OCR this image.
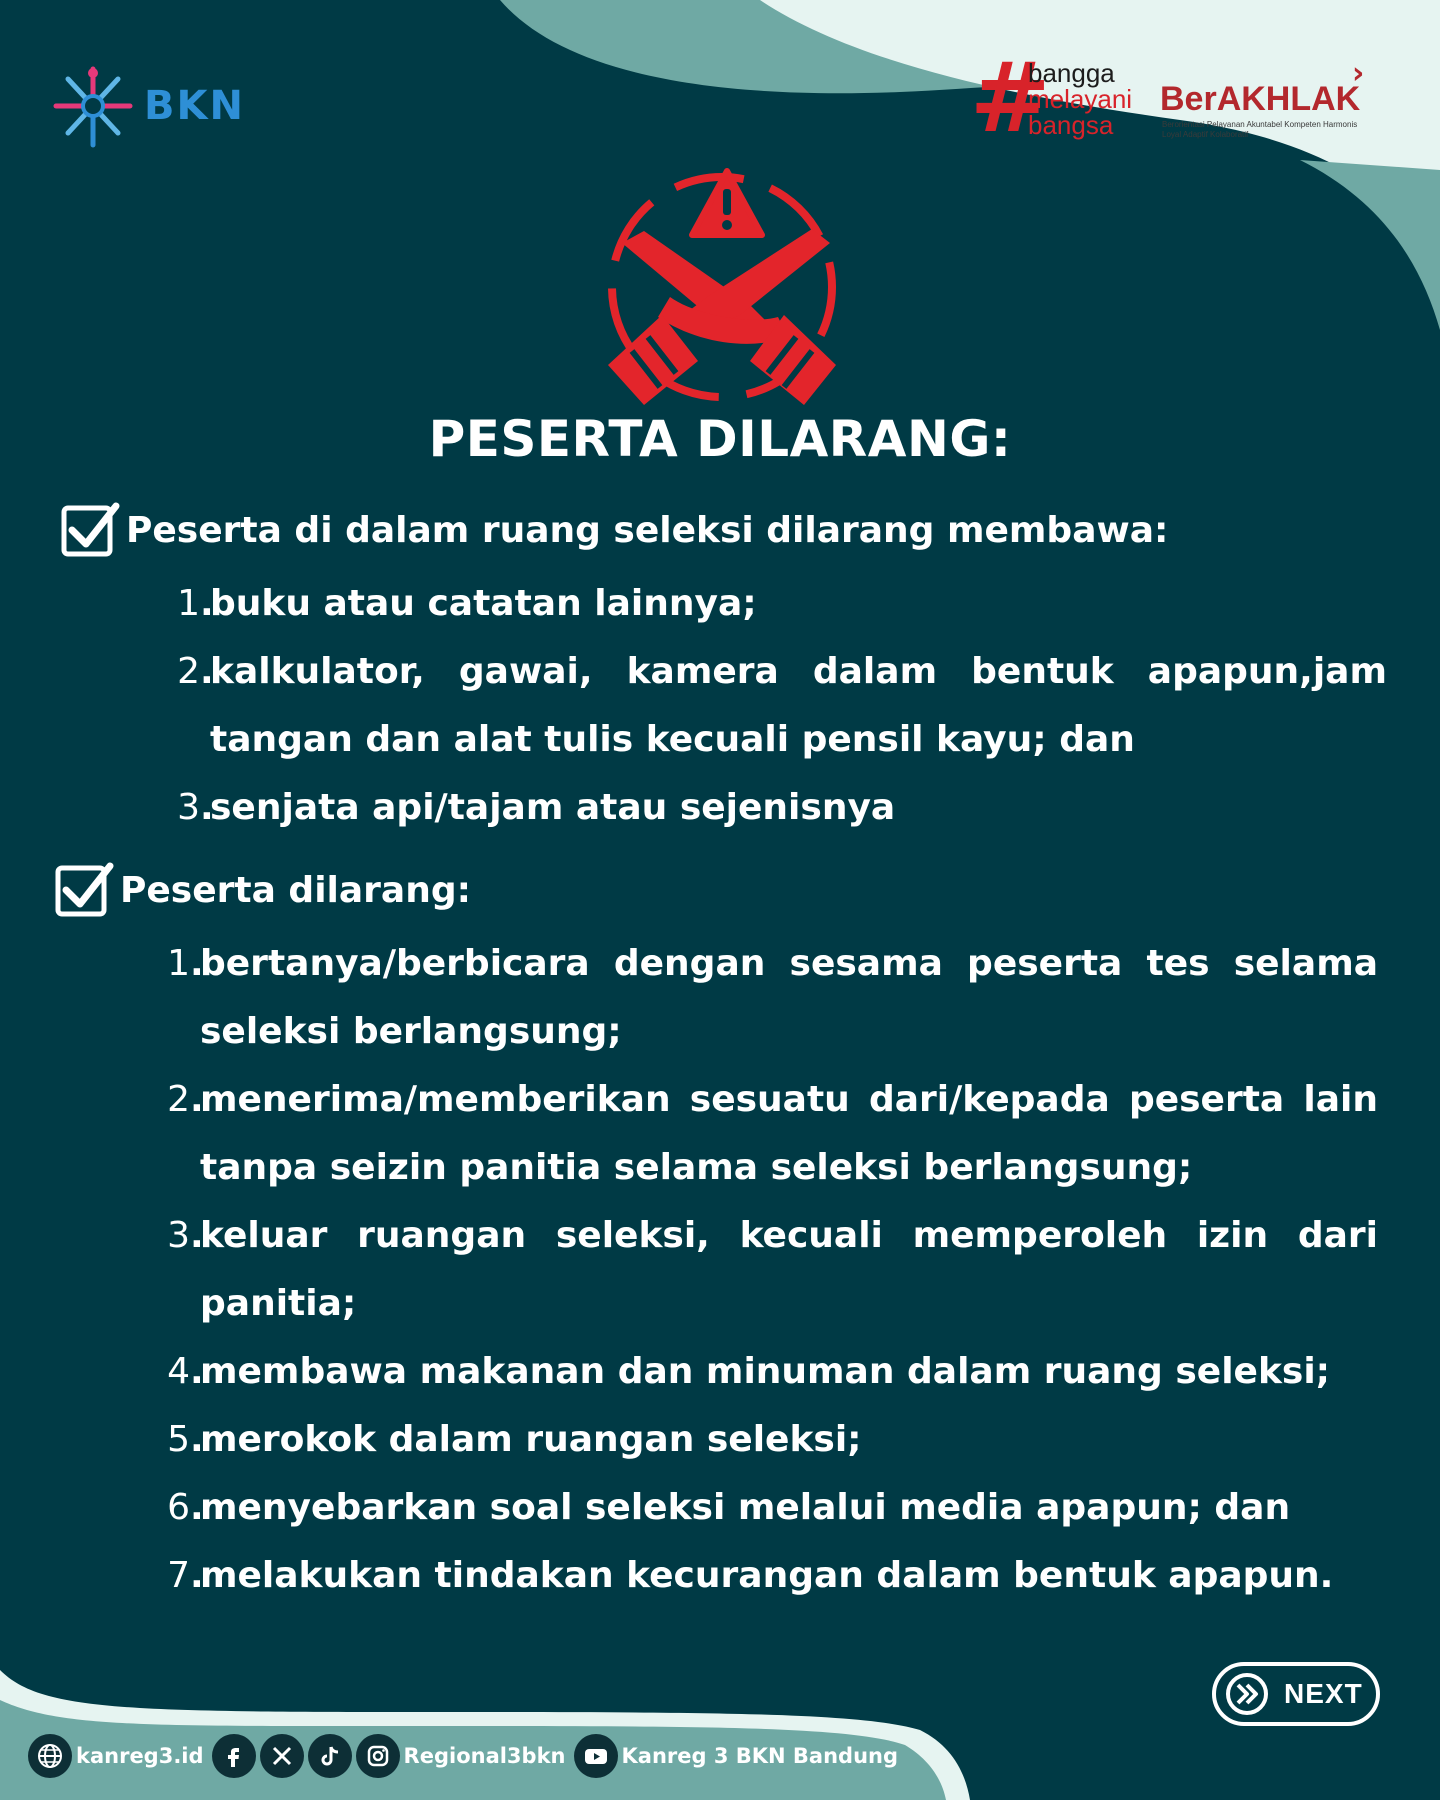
BKN	#
bangga
melayani
bangsa
BerAKHLAK
›
Berorientasi Pelayanan Akuntabel Kompeten Harmonis Loyal Adaptif Kolaboratif
PESERTA DILARANG:
Peserta di dalam ruang seleksi dilarang membawa:
1 .
buku atau catatan lainnya;
2 .
kalkulator, gawai, kamera dalam bentuk apapun,jam tangan dan alat tulis kecuali pensil kayu; dan
3 .
senjata api/tajam atau sejenisnya
Peserta dilarang:
1 .
bertanya/berbicara dengan sesama peserta tes selama seleksi berlangsung;
2 .
menerima/memberikan sesuatu dari/kepada peserta lain tanpa seizin panitia selama seleksi berlangsung;
3 .
keluar ruangan seleksi, kecuali memperoleh izin dari panitia;
4 .
membawa makanan dan minuman dalam ruang seleksi;
5 .
merokok dalam ruangan seleksi;
6 .
menyebarkan soal seleksi melalui media apapun; dan
7 .
melakukan tindakan kecurangan dalam bentuk apapun.
NEXT
kanreg3.id	Regional3bkn	Kanreg 3 BKN Bandung
